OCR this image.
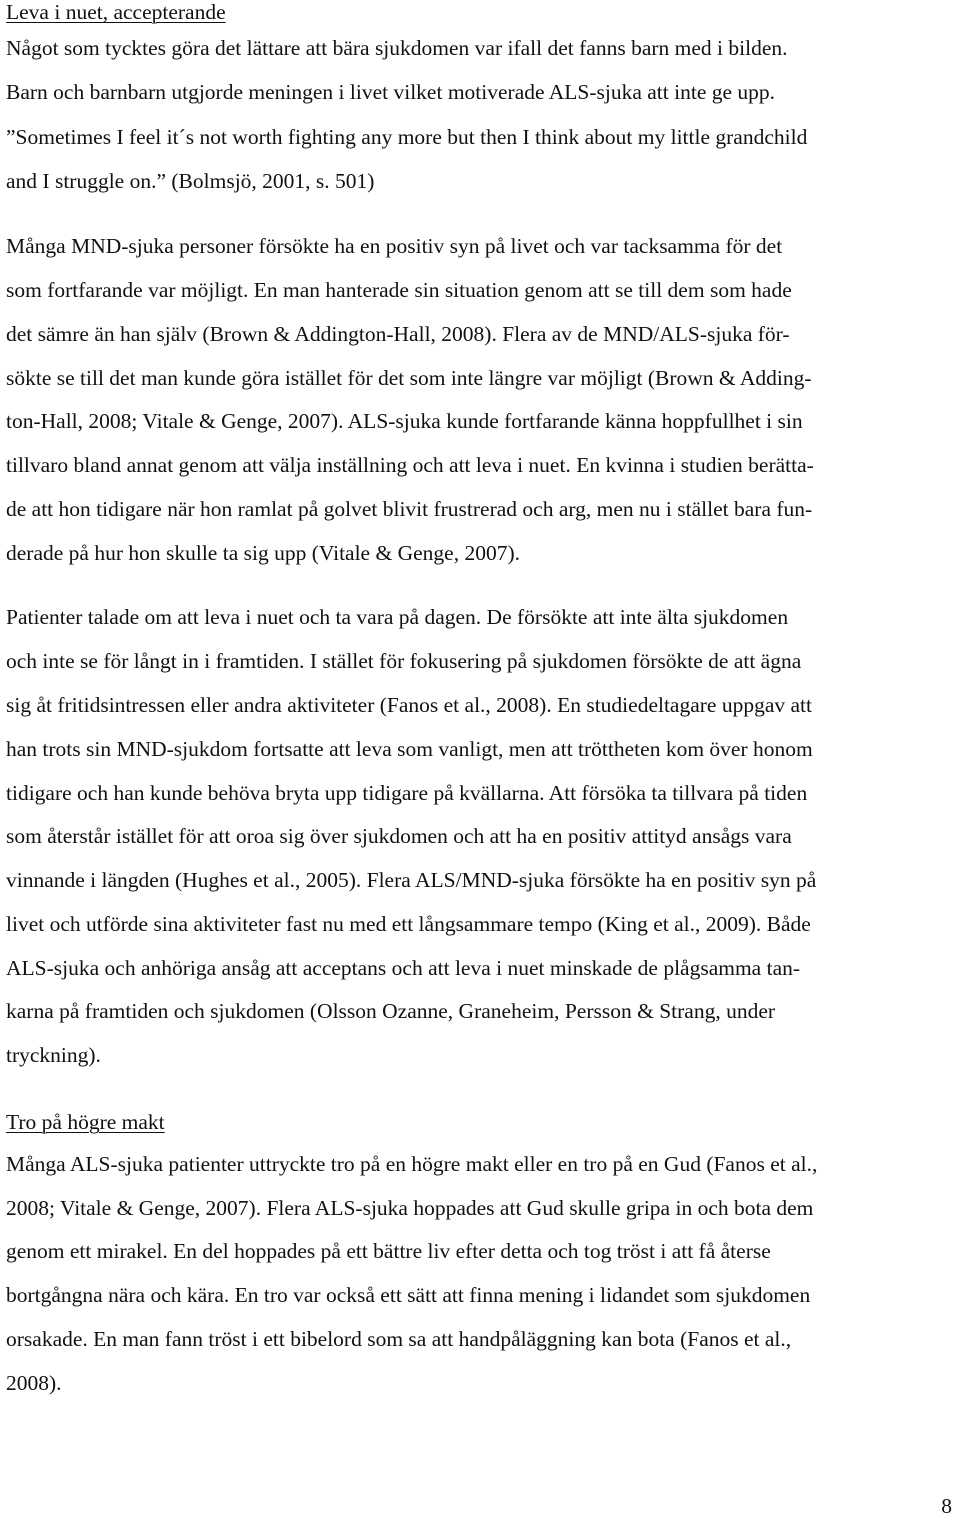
Leva i nuet, accepterande
Något som tycktes göra det lättare att bära sjukdomen var ifall det fanns barn med i bilden.
Barn och barnbarn utgjorde meningen i livet vilket motiverade ALS-sjuka att inte ge upp.
”Sometimes I feel it´s not worth fighting any more but then I think about my little grandchild
and I struggle on.” (Bolmsjö, 2001, s. 501)
Många MND-sjuka personer försökte ha en positiv syn på livet och var tacksamma för det
som fortfarande var möjligt. En man hanterade sin situation genom att se till dem som hade
det sämre än han själv (Brown & Addington-Hall, 2008). Flera av de MND/ALS-sjuka för-
sökte se till det man kunde göra istället för det som inte längre var möjligt (Brown & Adding-
ton-Hall, 2008; Vitale & Genge, 2007). ALS-sjuka kunde fortfarande känna hoppfullhet i sin
tillvaro bland annat genom att välja inställning och att leva i nuet. En kvinna i studien berätta-
de att hon tidigare när hon ramlat på golvet blivit frustrerad och arg, men nu i stället bara fun-
derade på hur hon skulle ta sig upp (Vitale & Genge, 2007).
Patienter talade om att leva i nuet och ta vara på dagen. De försökte att inte älta sjukdomen
och inte se för långt in i framtiden. I stället för fokusering på sjukdomen försökte de att ägna
sig åt fritidsintressen eller andra aktiviteter (Fanos et al., 2008). En studiedeltagare uppgav att
han trots sin MND-sjukdom fortsatte att leva som vanligt, men att tröttheten kom över honom
tidigare och han kunde behöva bryta upp tidigare på kvällarna. Att försöka ta tillvara på tiden
som återstår istället för att oroa sig över sjukdomen och att ha en positiv attityd ansågs vara
vinnande i längden (Hughes et al., 2005). Flera ALS/MND-sjuka försökte ha en positiv syn på
livet och utförde sina aktiviteter fast nu med ett långsammare tempo (King et al., 2009). Både
ALS-sjuka och anhöriga ansåg att acceptans och att leva i nuet minskade de plågsamma tan-
karna på framtiden och sjukdomen (Olsson Ozanne, Graneheim, Persson & Strang, under
tryckning).
Tro på högre makt
Många ALS-sjuka patienter uttryckte tro på en högre makt eller en tro på en Gud (Fanos et al.,
2008; Vitale & Genge, 2007). Flera ALS-sjuka hoppades att Gud skulle gripa in och bota dem
genom ett mirakel. En del hoppades på ett bättre liv efter detta och tog tröst i att få återse
bortgångna nära och kära. En tro var också ett sätt att finna mening i lidandet som sjukdomen
orsakade. En man fann tröst i ett bibelord som sa att handpåläggning kan bota (Fanos et al.,
2008).
8
